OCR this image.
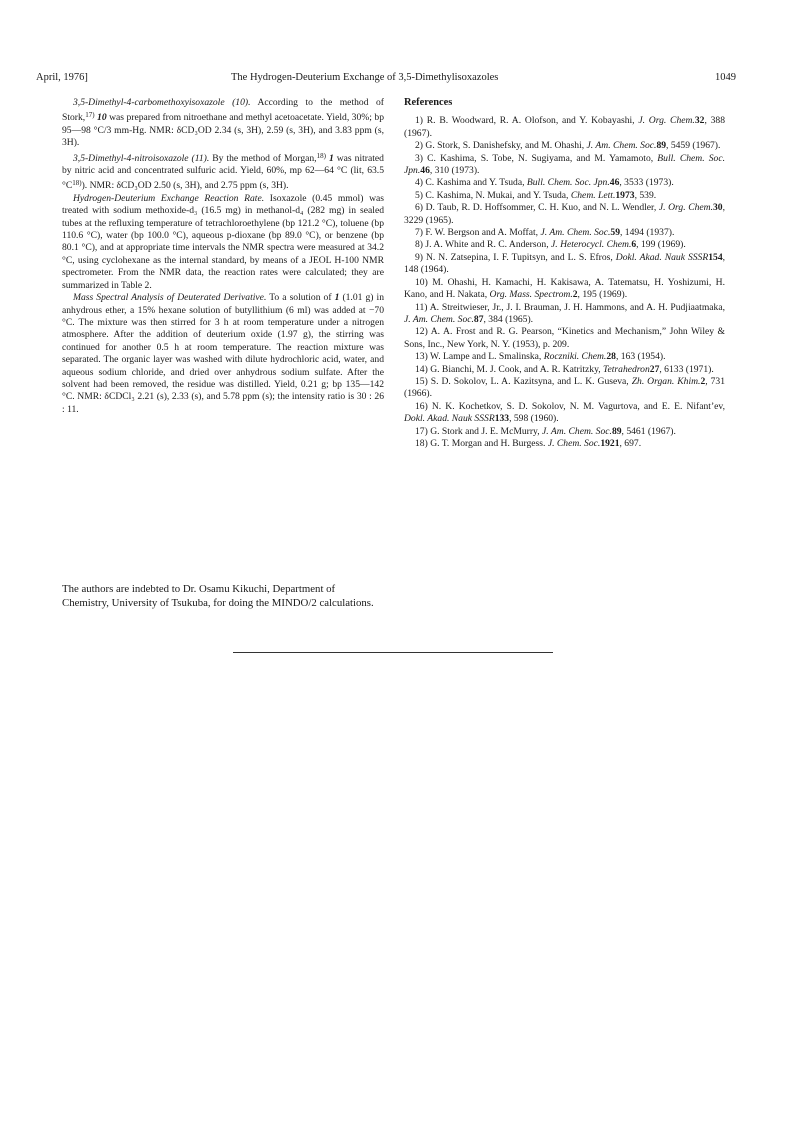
April, 1976]	The Hydrogen-Deuterium Exchange of 3,5-Dimethylisoxazoles	1049

3,5-Dimethyl-4-carbomethoxyisoxazole (10). According to the method of Stork,$^{17)}$ 10 was prepared from nitroethane and methyl acetoacetate. Yield, 30%; bp 95—98 °C/3 mm-Hg. NMR: δCD₃OD 2.34 (s, 3H), 2.59 (s, 3H), and 3.83 ppm (s, 3H).

3,5-Dimethyl-4-nitroisoxazole (11). By the method of Morgan,$^{18)}$ 1 was nitrated by nitric acid and concentrated sulfuric acid. Yield, 60%, mp 62—64 °C (lit, 63.5 °C$^{18)}$). NMR: δCD₃OD 2.50 (s, 3H), and 2.75 ppm (s, 3H).

Hydrogen-Deuterium Exchange Reaction Rate. Isoxazole (0.45 mmol) was treated with sodium methoxide-d₃ (16.5 mg) in methanol-d₄ (282 mg) in sealed tubes at the refluxing temperature of tetrachloroethylene (bp 121.2 °C), toluene (bp 110.6 °C), water (bp 100.0 °C), aqueous p-dioxane (bp 89.0 °C), or benzene (bp 80.1 °C), and at appropriate time intervals the NMR spectra were measured at 34.2 °C, using cyclohexane as the internal standard, by means of a JEOL H-100 NMR spectrometer. From the NMR data, the reaction rates were calculated; they are summarized in Table 2.

Mass Spectral Analysis of Deuterated Derivative. To a solution of 1 (1.01 g) in anhydrous ether, a 15% hexane solution of butyllithium (6 ml) was added at −70 °C. The mixture was then stirred for 3 h at room temperature under a nitrogen atmosphere. After the addition of deuterium oxide (1.97 g), the stirring was continued for another 0.5 h at room temperature. The reaction mixture was separated. The organic layer was washed with dilute hydrochloric acid, water, and aqueous sodium chloride, and dried over anhydrous sodium sulfate. After the solvent had been removed, the residue was distilled. Yield, 0.21 g; bp 135—142 °C. NMR: δCDCl₃ 2.21 (s), 2.33 (s), and 5.78 ppm (s); the intensity ratio is 30 : 26 : 11.

The authors are indebted to Dr. Osamu Kikuchi, Department of Chemistry, University of Tsukuba, for doing the MINDO/2 calculations.

References

1) R. B. Woodward, R. A. Olofson, and Y. Kobayashi, J. Org. Chem.32, 388 (1967).

2) G. Stork, S. Danishefsky, and M. Ohashi, J. Am. Chem. Soc.89, 5459 (1967).

3) C. Kashima, S. Tobe, N. Sugiyama, and M. Yamamoto, Bull. Chem. Soc. Jpn.46, 310 (1973).

4) C. Kashima and Y. Tsuda, Bull. Chem. Soc. Jpn.46, 3533 (1973).

5) C. Kashima, N. Mukai, and Y. Tsuda, Chem. Lett.1973, 539.

6) D. Taub, R. D. Hoffsommer, C. H. Kuo, and N. L. Wendler, J. Org. Chem.30, 3229 (1965).

7) F. W. Bergson and A. Moffat, J. Am. Chem. Soc.59, 1494 (1937).

8) J. A. White and R. C. Anderson, J. Heterocycl. Chem.6, 199 (1969).

9) N. N. Zatsepina, I. F. Tupitsyn, and L. S. Efros, Dokl. Akad. Nauk SSSR154, 148 (1964).

10) M. Ohashi, H. Kamachi, H. Kakisawa, A. Tatematsu, H. Yoshizumi, H. Kano, and H. Nakata, Org. Mass. Spectrom.2, 195 (1969).

11) A. Streitwieser, Jr., J. I. Brauman, J. H. Hammons, and A. H. Pudjiaatmaka, J. Am. Chem. Soc.87, 384 (1965).

12) A. A. Frost and R. G. Pearson, “Kinetics and Mechanism,” John Wiley & Sons, Inc., New York, N. Y. (1953), p. 209.

13) W. Lampe and L. Smalinska, Roczniki. Chem.28, 163 (1954).

14) G. Bianchi, M. J. Cook, and A. R. Katritzky, Tetrahedron27, 6133 (1971).

15) S. D. Sokolov, L. A. Kazitsyna, and L. K. Guseva, Zh. Organ. Khim.2, 731 (1966).

16) N. K. Kochetkov, S. D. Sokolov, N. M. Vagurtova, and E. E. Nifant’ev, Dokl. Akad. Nauk SSSR133, 598 (1960).

17) G. Stork and J. E. McMurry, J. Am. Chem. Soc.89, 5461 (1967).

18) G. T. Morgan and H. Burgess. J. Chem. Soc.1921, 697.
